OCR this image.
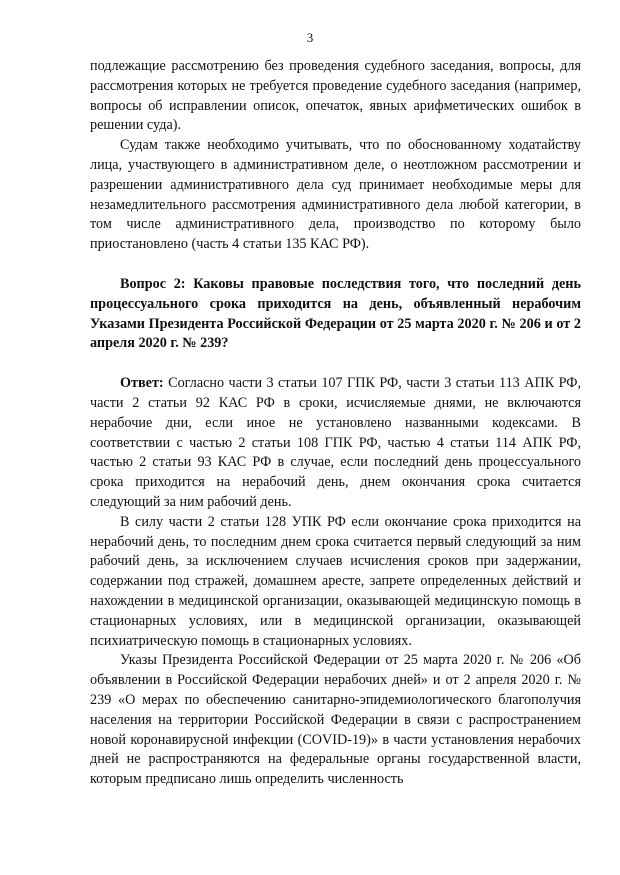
3

подлежащие рассмотрению без проведения судебного заседания, вопросы, для рассмотрения которых не требуется проведение судебного заседания (например, вопросы об исправлении описок, опечаток, явных арифметических ошибок в решении суда).

Судам также необходимо учитывать, что по обоснованному ходатайству лица, участвующего в административном деле, о неотложном рассмотрении и разрешении административного дела суд принимает необходимые меры для незамедлительного рассмотрения административного дела любой категории, в том числе административного дела, производство по которому было приостановлено (часть 4 статьи 135 КАС РФ).

Вопрос 2: Каковы правовые последствия того, что последний день процессуального срока приходится на день, объявленный нерабочим Указами Президента Российской Федерации от 25 марта 2020 г. № 206 и от 2 апреля 2020 г. № 239?

Ответ: Согласно части 3 статьи 107 ГПК РФ, части 3 статьи 113 АПК РФ, части 2 статьи 92 КАС РФ в сроки, исчисляемые днями, не включаются нерабочие дни, если иное не установлено названными кодексами. В соответствии с частью 2 статьи 108 ГПК РФ, частью 4 статьи 114 АПК РФ, частью 2 статьи 93 КАС РФ в случае, если последний день процессуального срока приходится на нерабочий день, днем окончания срока считается следующий за ним рабочий день.

В силу части 2 статьи 128 УПК РФ если окончание срока приходится на нерабочий день, то последним днем срока считается первый следующий за ним рабочий день, за исключением случаев исчисления сроков при задержании, содержании под стражей, домашнем аресте, запрете определенных действий и нахождении в медицинской организации, оказывающей медицинскую помощь в стационарных условиях, или в медицинской организации, оказывающей психиатрическую помощь в стационарных условиях.

Указы Президента Российской Федерации от 25 марта 2020 г. № 206 «Об объявлении в Российской Федерации нерабочих дней» и от 2 апреля 2020 г. № 239 «О мерах по обеспечению санитарно-эпидемиологического благополучия населения на территории Российской Федерации в связи с распространением новой коронавирусной инфекции (COVID-19)» в части установления нерабочих дней не распространяются на федеральные органы государственной власти, которым предписано лишь определить численность
